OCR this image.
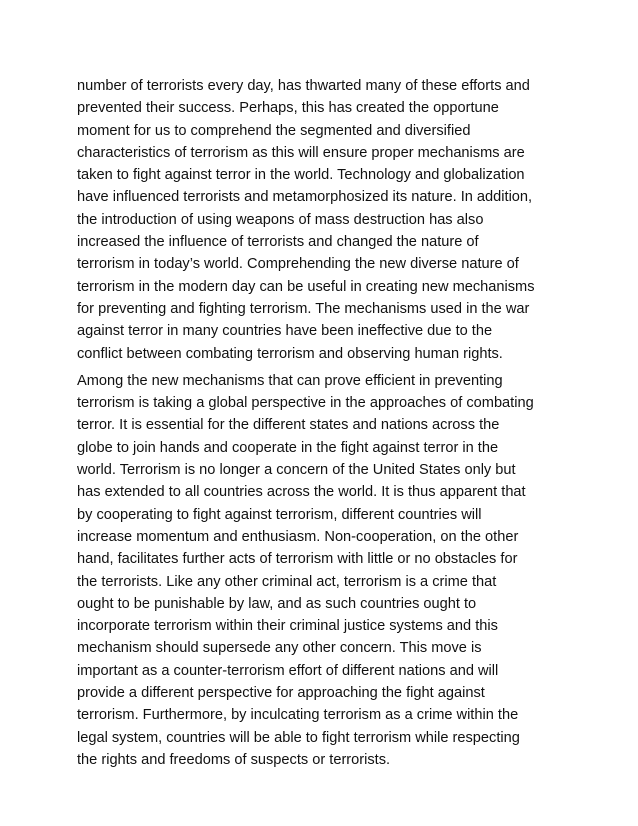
number of terrorists every day, has thwarted many of these efforts and
prevented their success. Perhaps, this has created the opportune
moment for us to comprehend the segmented and diversified
characteristics of terrorism as this will ensure proper mechanisms are
taken to fight against terror in the world. Technology and globalization
have influenced terrorists and metamorphosized its nature. In addition,
the introduction of using weapons of mass destruction has also
increased the influence of terrorists and changed the nature of
terrorism in today’s world. Comprehending the new diverse nature of
terrorism in the modern day can be useful in creating new mechanisms
for preventing and fighting terrorism. The mechanisms used in the war
against terror in many countries have been ineffective due to the
conflict between combating terrorism and observing human rights.

Among the new mechanisms that can prove efficient in preventing
terrorism is taking a global perspective in the approaches of combating
terror. It is essential for the different states and nations across the
globe to join hands and cooperate in the fight against terror in the
world. Terrorism is no longer a concern of the United States only but
has extended to all countries across the world. It is thus apparent that
by cooperating to fight against terrorism, different countries will
increase momentum and enthusiasm. Non-cooperation, on the other
hand, facilitates further acts of terrorism with little or no obstacles for
the terrorists. Like any other criminal act, terrorism is a crime that
ought to be punishable by law, and as such countries ought to
incorporate terrorism within their criminal justice systems and this
mechanism should supersede any other concern. This move is
important as a counter-terrorism effort of different nations and will
provide a different perspective for approaching the fight against
terrorism. Furthermore, by inculcating terrorism as a crime within the
legal system, countries will be able to fight terrorism while respecting
the rights and freedoms of suspects or terrorists.
